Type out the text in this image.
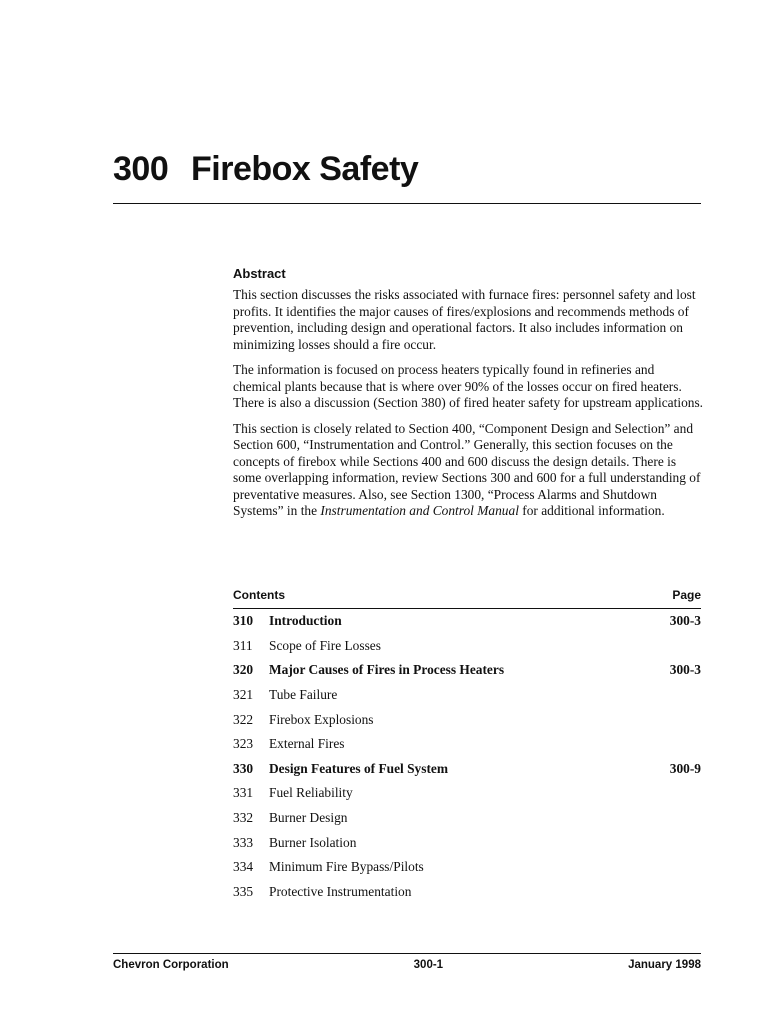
300 Firebox Safety
Abstract

This section discusses the risks associated with furnace fires: personnel safety and lost profits. It identifies the major causes of fires/explosions and recommends methods of prevention, including design and operational factors. It also includes information on minimizing losses should a fire occur.

The information is focused on process heaters typically found in refineries and chemical plants because that is where over 90% of the losses occur on fired heaters. There is also a discussion (Section 380) of fired heater safety for upstream applications.

This section is closely related to Section 400, “Component Design and Selection” and Section 600, “Instrumentation and Control.” Generally, this section focuses on the concepts of firebox while Sections 400 and 600 discuss the design details. There is some overlapping information, review Sections 300 and 600 for a full understanding of preventative measures. Also, see Section 1300, “Process Alarms and Shutdown Systems” in the Instrumentation and Control Manual for additional information.

Contents	Page
310	Introduction	300-3
311	Scope of Fire Losses
320	Major Causes of Fires in Process Heaters	300-3
321	Tube Failure
322	Firebox Explosions
323	External Fires
330	Design Features of Fuel System	300-9
331	Fuel Reliability
332	Burner Design
333	Burner Isolation
334	Minimum Fire Bypass/Pilots
335	Protective Instrumentation
Chevron Corporation	300-1	January 1998
